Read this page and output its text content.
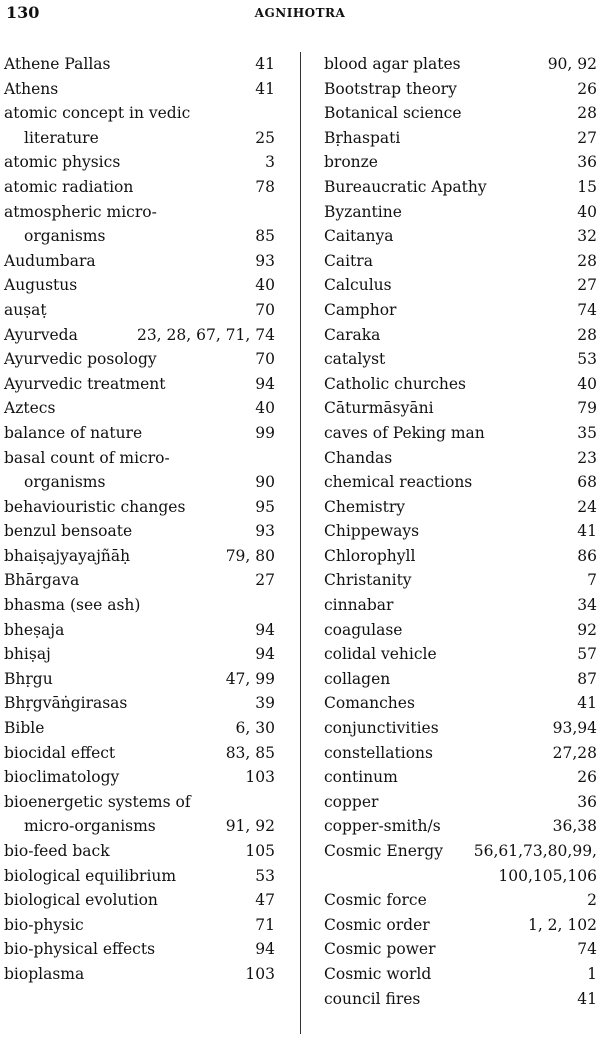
130	AGNIHOTRA
Athene Pallas	41
Athens	41
atomic concept in vedic
literature	25
atomic physics	3
atomic radiation	78
atmospheric micro-
organisms	85
Audumbara	93
Augustus	40
auṣaṭ	70
Ayurveda	23, 28, 67, 71, 74
Ayurvedic posology	70
Ayurvedic treatment	94
Aztecs	40
balance of nature	99
basal count of micro-
organisms	90
behaviouristic changes	95
benzul bensoate	93
bhaiṣajyayajñāḥ	79, 80
Bhārgava	27
bhasma (see ash)
bheṣaja	94
bhiṣaj	94
Bhṛgu	47, 99
Bhṛgvāṅgirasas	39
Bible	6, 30
biocidal effect	83, 85
bioclimatology	103
bioenergetic systems of
micro-organisms	91, 92
bio-feed back	105
biological equilibrium	53
biological evolution	47
bio-physic	71
bio-physical effects	94
bioplasma	103
blood agar plates	90, 92
Bootstrap theory	26
Botanical science	28
Bṛhaspati	27
bronze	36
Bureaucratic Apathy	15
Byzantine	40
Caitanya	32
Caitra	28
Calculus	27
Camphor	74
Caraka	28
catalyst	53
Catholic churches	40
Cāturmāsyāni	79
caves of Peking man	35
Chandas	23
chemical reactions	68
Chemistry	24
Chippeways	41
Chlorophyll	86
Christanity	7
cinnabar	34
coagulase	92
colidal vehicle	57
collagen	87
Comanches	41
conjunctivities	93,94
constellations	27,28
continum	26
copper	36
copper-smith/s	36,38
Cosmic Energy 56,61,73,80,99,
100,105,106
Cosmic force	2
Cosmic order	1, 2, 102
Cosmic power	74
Cosmic world	1
council fires	41
